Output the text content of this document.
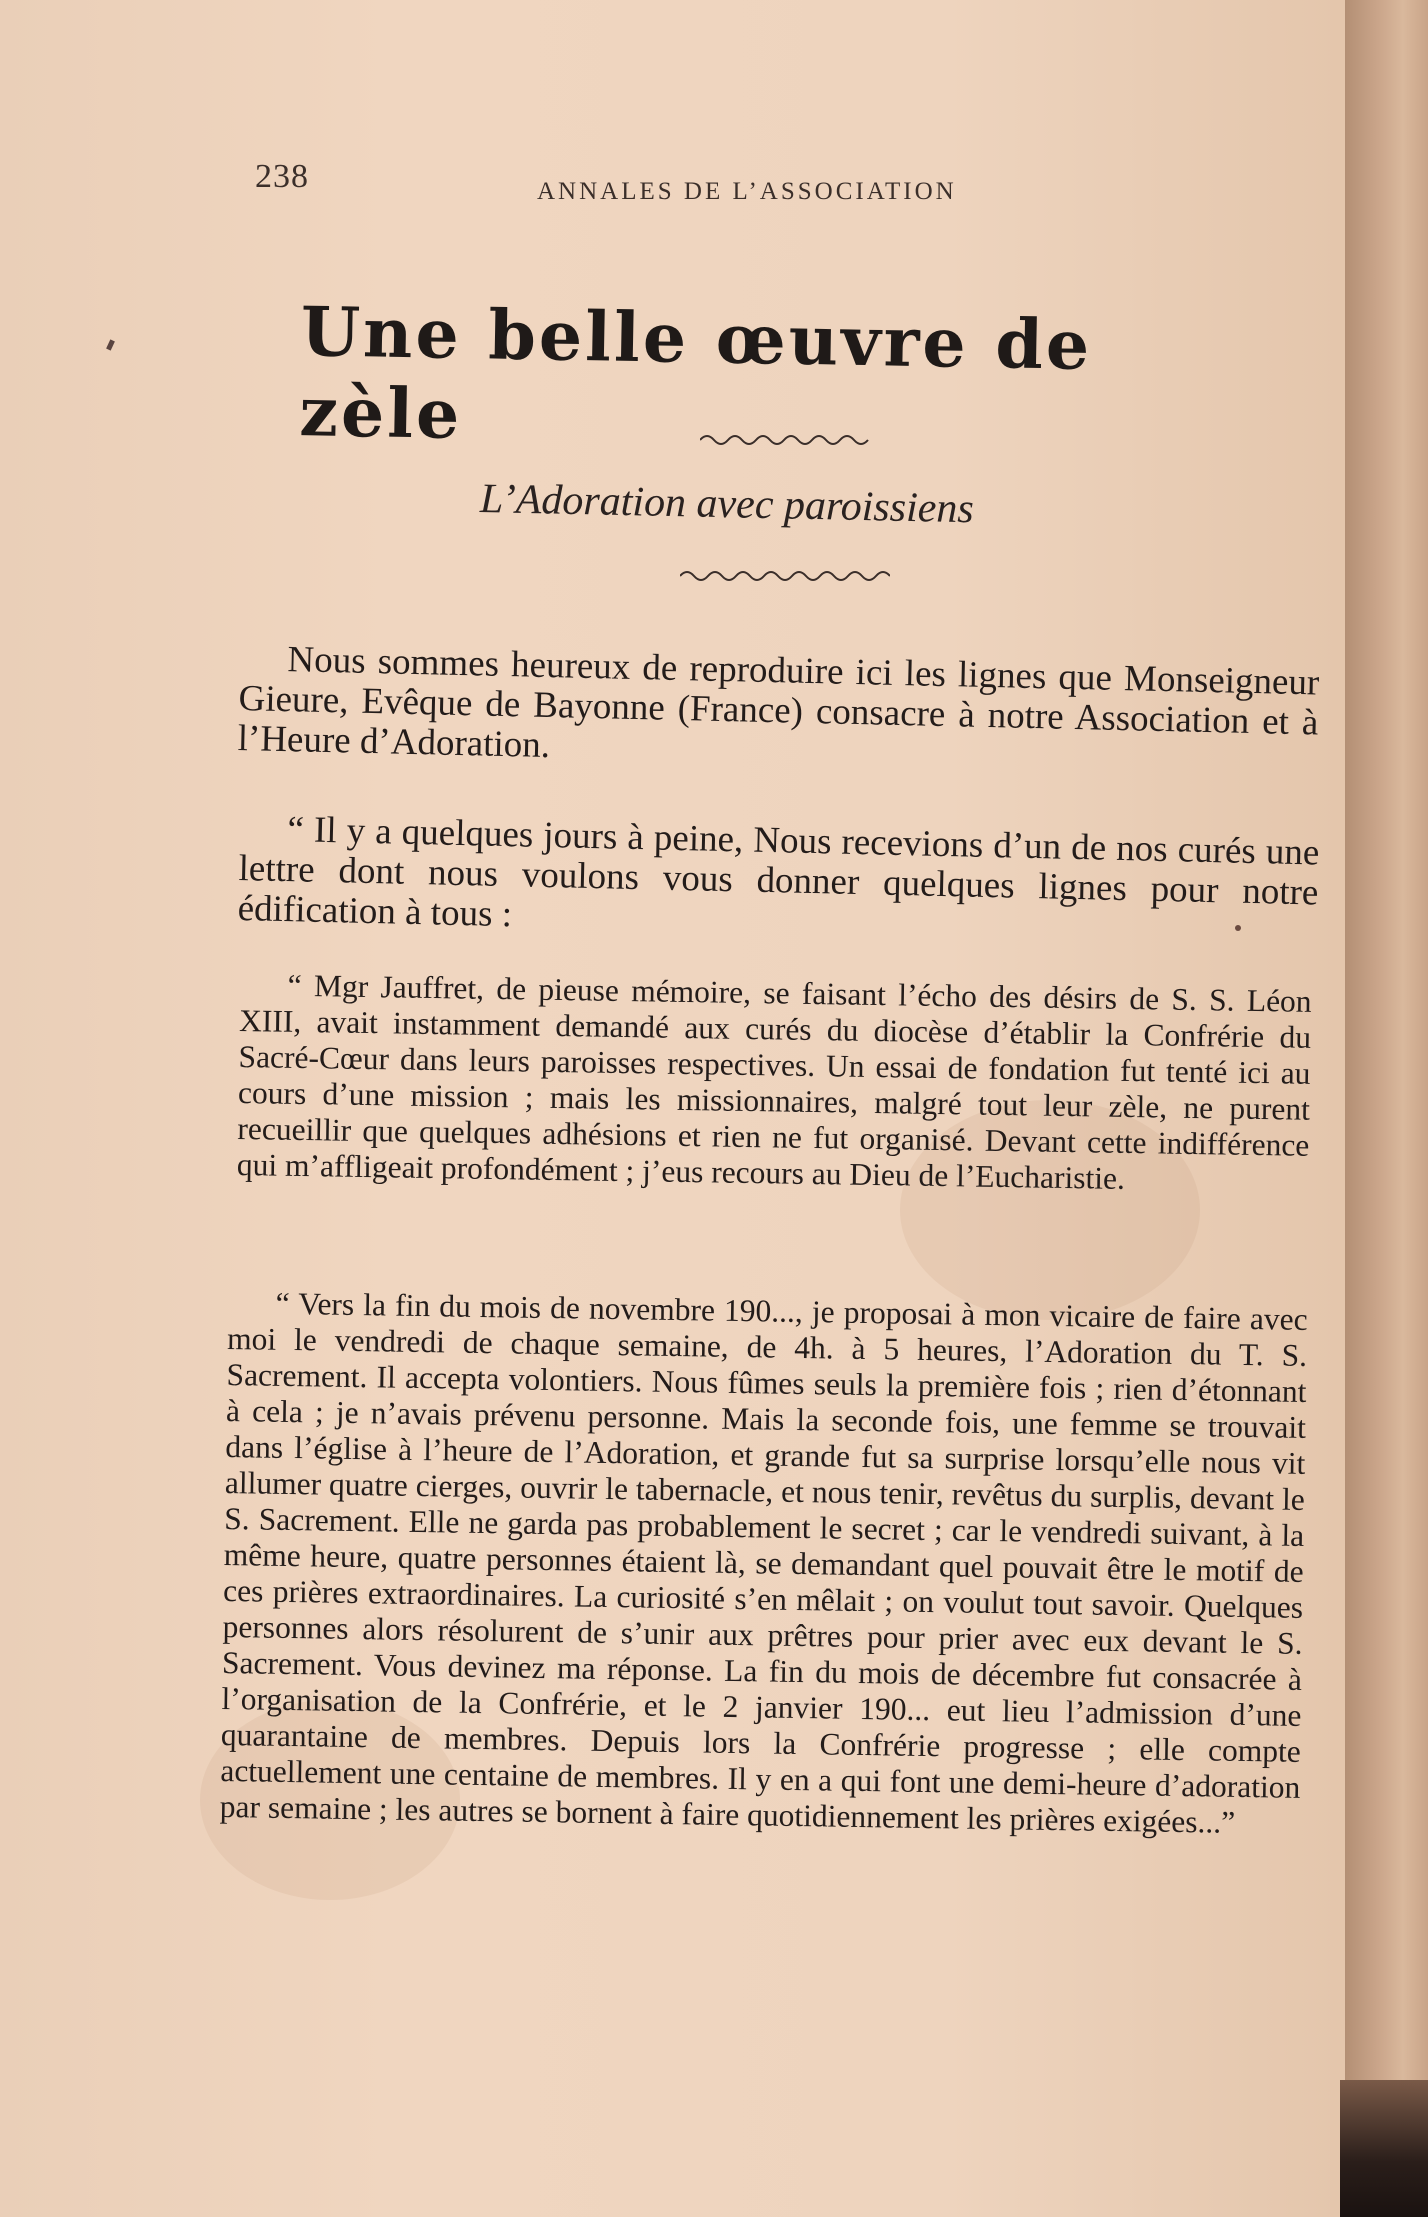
238	ANNALES DE L’ASSOCIATION
Une belle œuvre de zèle
L’Adoration avec paroissiens

Nous sommes heureux de reproduire ici les lignes que Monseigneur Gieure, Evêque de Bayonne (France) consacre à notre Association et à l’Heure d’Adoration.

“ Il y a quelques jours à peine, Nous recevions d’un de nos curés une lettre dont nous voulons vous donner quelques lignes pour notre édification à tous :

“ Mgr Jauffret, de pieuse mémoire, se faisant l’écho des désirs de S. S. Léon XIII, avait instamment demandé aux curés du diocèse d’établir la Confrérie du Sacré-Cœur dans leurs paroisses respectives. Un essai de fondation fut tenté ici au cours d’une mission ; mais les missionnaires, malgré tout leur zèle, ne purent recueillir que quelques adhésions et rien ne fut organisé. Devant cette indifférence qui m’affligeait profondément ; j’eus recours au Dieu de l’Eucharistie.

“ Vers la fin du mois de novembre 190..., je proposai à mon vicaire de faire avec moi le vendredi de chaque semaine, de 4h. à 5 heures, l’Adoration du T. S. Sacrement. Il accepta volontiers. Nous fûmes seuls la première fois ; rien d’étonnant à cela ; je n’avais prévenu personne. Mais la seconde fois, une femme se trouvait dans l’église à l’heure de l’Adoration, et grande fut sa surprise lorsqu’elle nous vit allumer quatre cierges, ouvrir le tabernacle, et nous tenir, revêtus du surplis, devant le S. Sacrement. Elle ne garda pas probablement le secret ; car le vendredi suivant, à la même heure, quatre personnes étaient là, se demandant quel pouvait être le motif de ces prières extraordinaires. La curiosité s’en mêlait ; on voulut tout savoir. Quelques personnes alors résolurent de s’unir aux prêtres pour prier avec eux devant le S. Sacrement. Vous devinez ma réponse. La fin du mois de décembre fut consacrée à l’organisation de la Confrérie, et le 2 janvier 190... eut lieu l’admission d’une quarantaine de membres. Depuis lors la Confrérie progresse ; elle compte actuellement une centaine de membres. Il y en a qui font une demi-heure d’adoration par semaine ; les autres se bornent à faire quotidiennement les prières exigées...”
